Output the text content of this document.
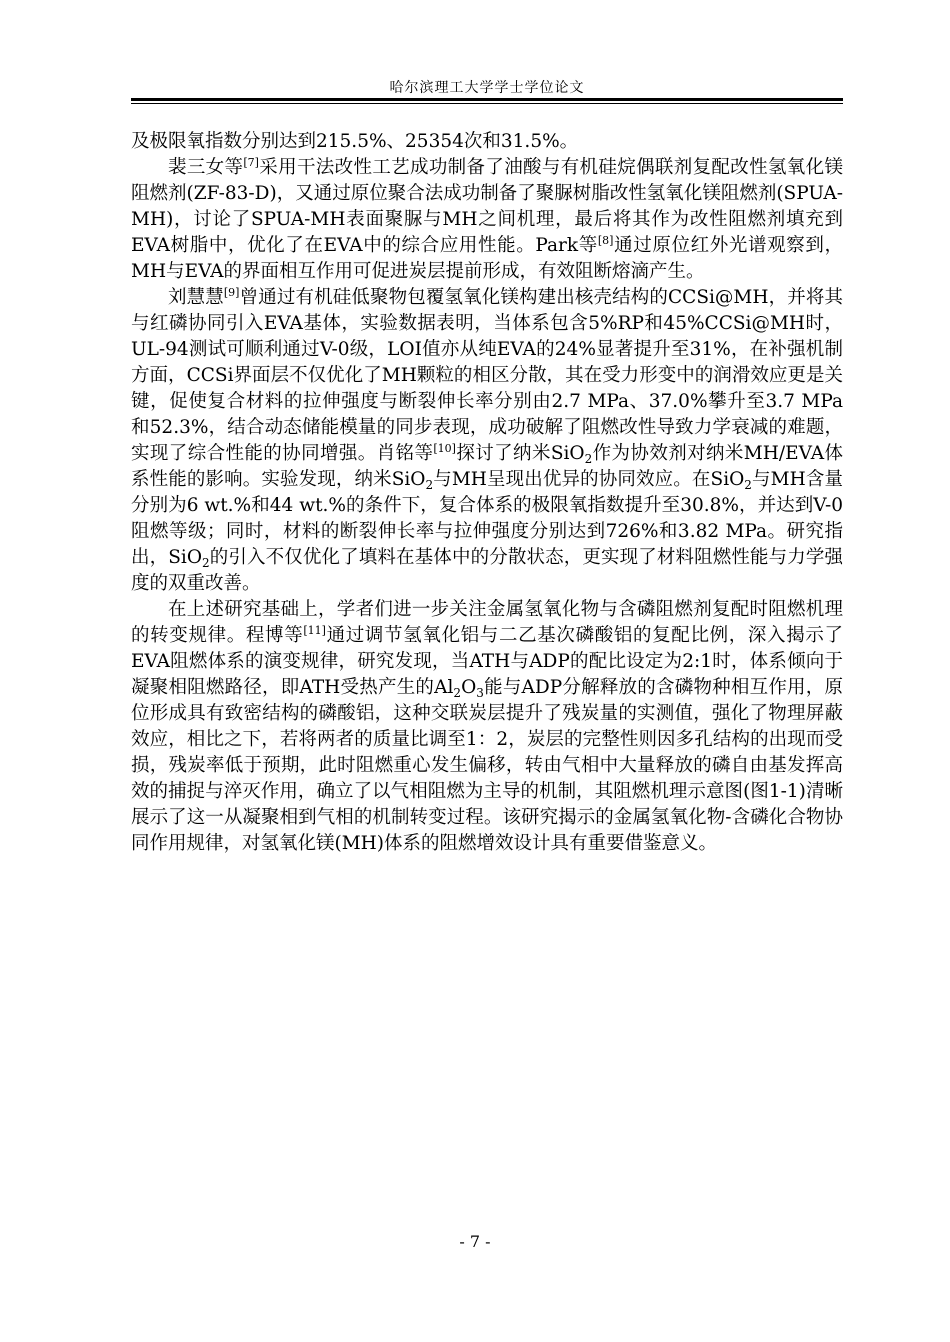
哈尔滨理工大学学士学位论文

及极限氧指数分别达到215.5%、25354次和31.5%。

裴三女等[7]采用干法改性工艺成功制备了油酸与有机硅烷偶联剂复配改性氢氧化镁阻燃剂(ZF-83-D)，又通过原位聚合法成功制备了聚脲树脂改性氢氧化镁阻燃剂(SPUA-MH)，讨论了SPUA-MH表面聚脲与MH之间机理，最后将其作为改性阻燃剂填充到EVA树脂中，优化了在EVA中的综合应用性能。Park等[8]通过原位红外光谱观察到，MH与EVA的界面相互作用可促进炭层提前形成，有效阻断熔滴产生。

刘慧慧[9]曾通过有机硅低聚物包覆氢氧化镁构建出核壳结构的CCSi@MH，并将其与红磷协同引入EVA基体，实验数据表明，当体系包含5%RP和45%CCSi@MH时，UL-94测试可顺利通过V-0级，LOI值亦从纯EVA的24%显著提升至31%，在补强机制方面，CCSi界面层不仅优化了MH颗粒的相区分散，其在受力形变中的润滑效应更是关键，促使复合材料的拉伸强度与断裂伸长率分别由2.7 MPa、37.0%攀升至3.7 MPa和52.3%，结合动态储能模量的同步表现，成功破解了阻燃改性导致力学衰减的难题，实现了综合性能的协同增强。肖铭等[10]探讨了纳米SiO$_2$作为协效剂对纳米MH/EVA体系性能的影响。实验发现，纳米SiO$_2$与MH呈现出优异的协同效应。在SiO$_2$与MH含量分别为6 wt.%和44 wt.%的条件下，复合体系的极限氧指数提升至30.8%，并达到V-0阻燃等级；同时，材料的断裂伸长率与拉伸强度分别达到726%和3.82 MPa。研究指出，SiO$_2$的引入不仅优化了填料在基体中的分散状态，更实现了材料阻燃性能与力学强度的双重改善。

在上述研究基础上，学者们进一步关注金属氢氧化物与含磷阻燃剂复配时阻燃机理的转变规律。程博等[11]通过调节氢氧化铝与二乙基次磷酸铝的复配比例，深入揭示了EVA阻燃体系的演变规律，研究发现，当ATH与ADP的配比设定为2:1时，体系倾向于凝聚相阻燃路径，即ATH受热产生的$Al_2O_3$能与ADP分解释放的含磷物种相互作用，原位形成具有致密结构的磷酸铝，这种交联炭层提升了残炭量的实测值，强化了物理屏蔽效应，相比之下，若将两者的质量比调至1：2，炭层的完整性则因多孔结构的出现而受损，残炭率低于预期，此时阻燃重心发生偏移，转由气相中大量释放的磷自由基发挥高效的捕捉与淬灭作用，确立了以气相阻燃为主导的机制，其阻燃机理示意图(图1-1)清晰展示了这一从凝聚相到气相的机制转变过程。该研究揭示的金属氢氧化物-含磷化合物协同作用规律，对氢氧化镁(MH)体系的阻燃增效设计具有重要借鉴意义。

- 7 -
